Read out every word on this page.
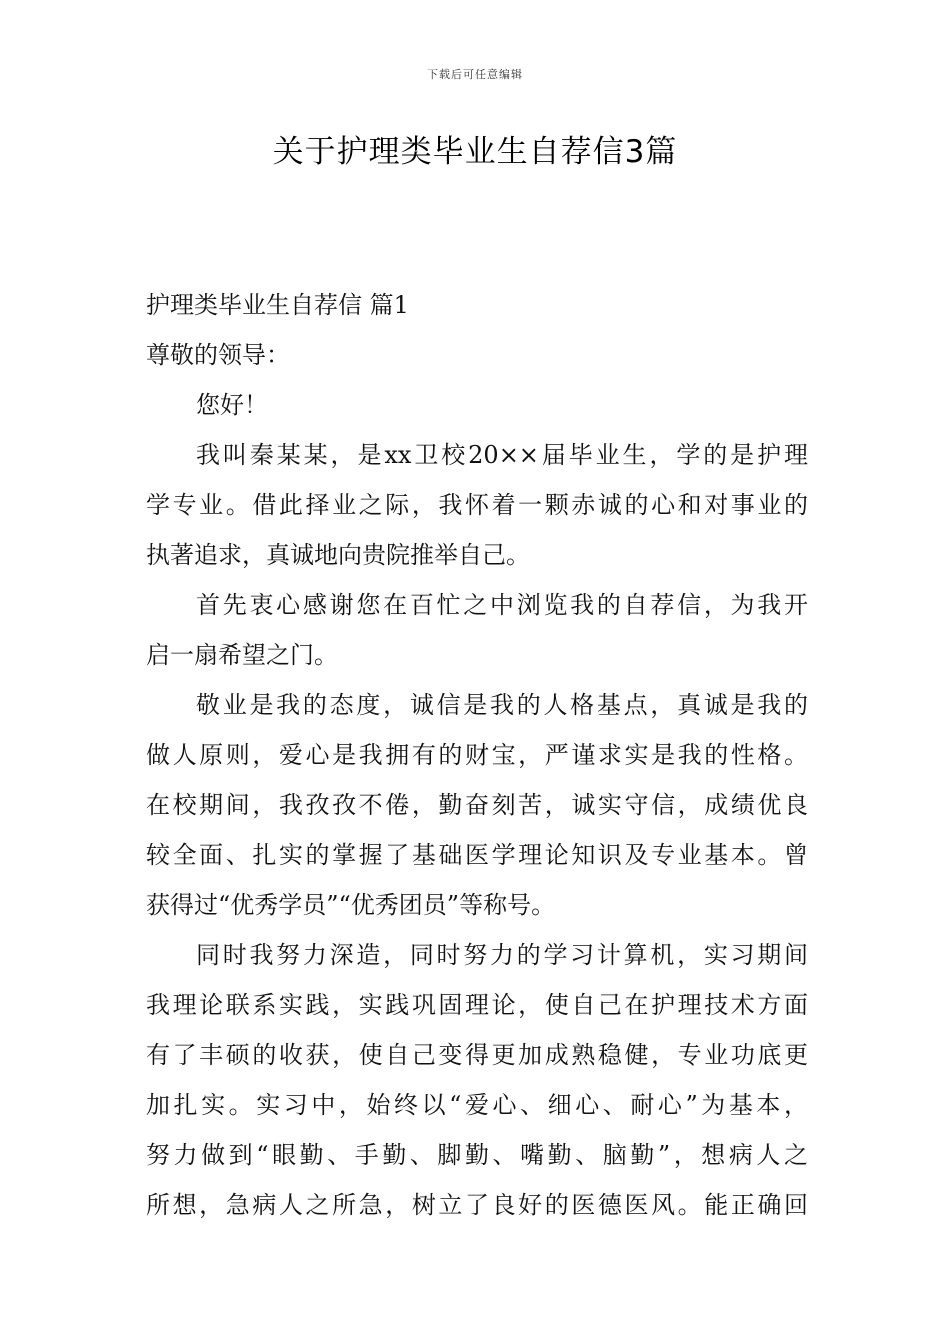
下载后可任意编辑
关于护理类毕业生自荐信3篇
护理类毕业生自荐信 篇1
尊敬的领导：
您好！
我叫秦某某，是xx卫校20××届毕业生，学的是护理
学专业。借此择业之际，我怀着一颗赤诚的心和对事业的
执著追求，真诚地向贵院推举自己。
首先衷心感谢您在百忙之中浏览我的自荐信，为我开
启一扇希望之门。
敬业是我的态度，诚信是我的人格基点，真诚是我的
做人原则，爱心是我拥有的财宝，严谨求实是我的性格。
在校期间，我孜孜不倦，勤奋刻苦，诚实守信，成绩优良
较全面、扎实的掌握了基础医学理论知识及专业基本。曾
获得过“优秀学员”“优秀团员”等称号。
同时我努力深造，同时努力的学习计算机，实习期间
我理论联系实践，实践巩固理论，使自己在护理技术方面
有了丰硕的收获，使自己变得更加成熟稳健，专业功底更
加扎实。实习中，始终以“爱心、细心、耐心”为基本，
努力做到“眼勤、手勤、脚勤、嘴勤、脑勤”，想病人之
所想，急病人之所急，树立了良好的医德医风。能正确回
